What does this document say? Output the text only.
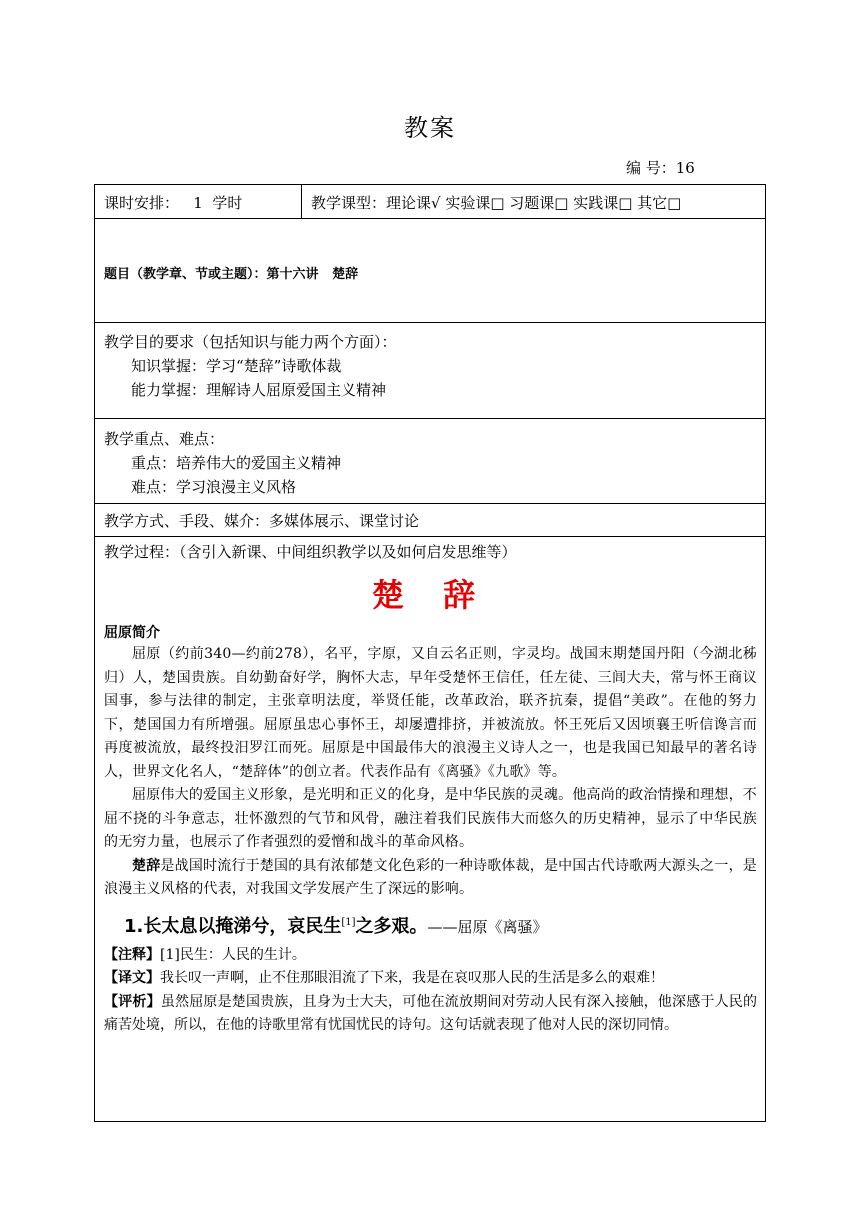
教案
编 号：16
课时安排：   1  学时	教学课型：理论课√ 实验课□ 习题课□ 实践课□ 其它□
题目（教学章、节或主题）：第十六讲   楚辞
教学目的要求（包括知识与能力两个方面）：
知识掌握：学习“楚辞”诗歌体裁
能力掌握：理解诗人屈原爱国主义精神
教学重点、难点：
重点：培养伟大的爱国主义精神
难点：学习浪漫主义风格
教学方式、手段、媒介：多媒体展示、课堂讨论
教学过程：（含引入新课、中间组织教学以及如何启发思维等）
楚 辞
屈原简介
屈原（约前340—约前278），名平，字原，又自云名正则，字灵均。战国末期楚国丹阳（今湖北秭归）人，楚国贵族。自幼勤奋好学，胸怀大志，早年受楚怀王信任，任左徒、三闾大夫，常与怀王商议国事，参与法律的制定，主张章明法度，举贤任能，改革政治，联齐抗秦，提倡“美政”。在他的努力下，楚国国力有所增强。屈原虽忠心事怀王，却屡遭排挤，并被流放。怀王死后又因顷襄王听信谗言而再度被流放，最终投汨罗江而死。屈原是中国最伟大的浪漫主义诗人之一，也是我国已知最早的著名诗人，世界文化名人，“楚辞体”的创立者。代表作品有《离骚》《九歌》等。
屈原伟大的爱国主义形象，是光明和正义的化身，是中华民族的灵魂。他高尚的政治情操和理想，不屈不挠的斗争意志，壮怀激烈的气节和风骨，融注着我们民族伟大而悠久的历史精神，显示了中华民族的无穷力量，也展示了作者强烈的爱憎和战斗的革命风格。
楚辞是战国时流行于楚国的具有浓郁楚文化色彩的一种诗歌体裁，是中国古代诗歌两大源头之一，是浪漫主义风格的代表，对我国文学发展产生了深远的影响。
1.长太息以掩涕兮，哀民生[1]之多艰。——屈原《离骚》
【注释】[1]民生：人民的生计。
【译文】我长叹一声啊，止不住那眼泪流了下来，我是在哀叹那人民的生活是多么的艰难！
【评析】虽然屈原是楚国贵族，且身为士大夫，可他在流放期间对劳动人民有深入接触，他深感于人民的痛苦处境，所以，在他的诗歌里常有忧国忧民的诗句。这句话就表现了他对人民的深切同情。
